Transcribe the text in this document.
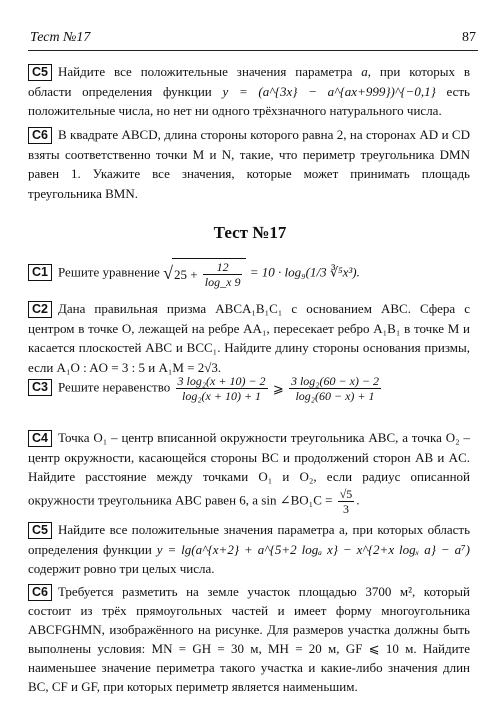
Тест №17	87
С5 Найдите все положительные значения параметра a, при которых в области определения функции y = (a^{3x} − a^{ax+999})^{−0,1} есть положительные числа, но нет ни одного трёхзначного натурального числа.
С6 В квадрате ABCD, длина стороны которого равна 2, на сторонах AD и CD взяты соответственно точки M и N, такие, что периметр треугольника DMN равен 1. Укажите все значения, которые может принимать площадь треугольника BMN.
Тест №17
С1 Решите уравнение $√25 + \frac{12}{\log\_x 9} = 10 \cdot \log_9(1/3$ ∛⁵x³).
С2 Дана правильная призма ABCA₁B₁C₁ с основанием ABC. Сфера с центром в точке O, лежащей на ребре AA₁, пересекает ребро A₁B₁ в точке M и касается плоскостей ABC и BCC₁. Найдите длину стороны основания призмы, если A₁O : AO = 3 : 5 и A₁M = 2√3.
С3 Решите неравенство $\frac{\text{3 log₂(x + 10) − 2}}{\text{log₂(x + 10) + 1}}$ ⩾ $\frac{\text{3 log₂(60 − x) − 2}}{\text{log₂(60 − x) + 1}}$
С4 Точка O₁ – центр вписанной окружности треугольника ABC, а точка O₂ – центр окружности, касающейся стороны BC и продолжений сторон AB и AC. Найдите расстояние между точками O₁ и O₂, если радиус описанной окружности треугольника ABC равен 6, а sin ∠BO₁C = $\frac{√5}{3}$ .
С5 Найдите все положительные значения параметра a, при которых область определения функции y = lg(a^{x+2} + a^{5+2 logₐ x} − x^{2+x logₓ a} − a⁷) содержит ровно три целых числа.
С6 Требуется разметить на земле участок площадью 3700 м², который состоит из трёх прямоугольных частей и имеет форму многоугольника ABCFGHMN, изображённого на рисунке. Для размеров участка должны быть выполнены условия: MN = GH = 30 м, MH = 20 м, GF ⩽ 10 м. Найдите наименьшее значение периметра такого участка и какие-либо значения длин BC, CF и GF, при которых периметр является наименьшим.
